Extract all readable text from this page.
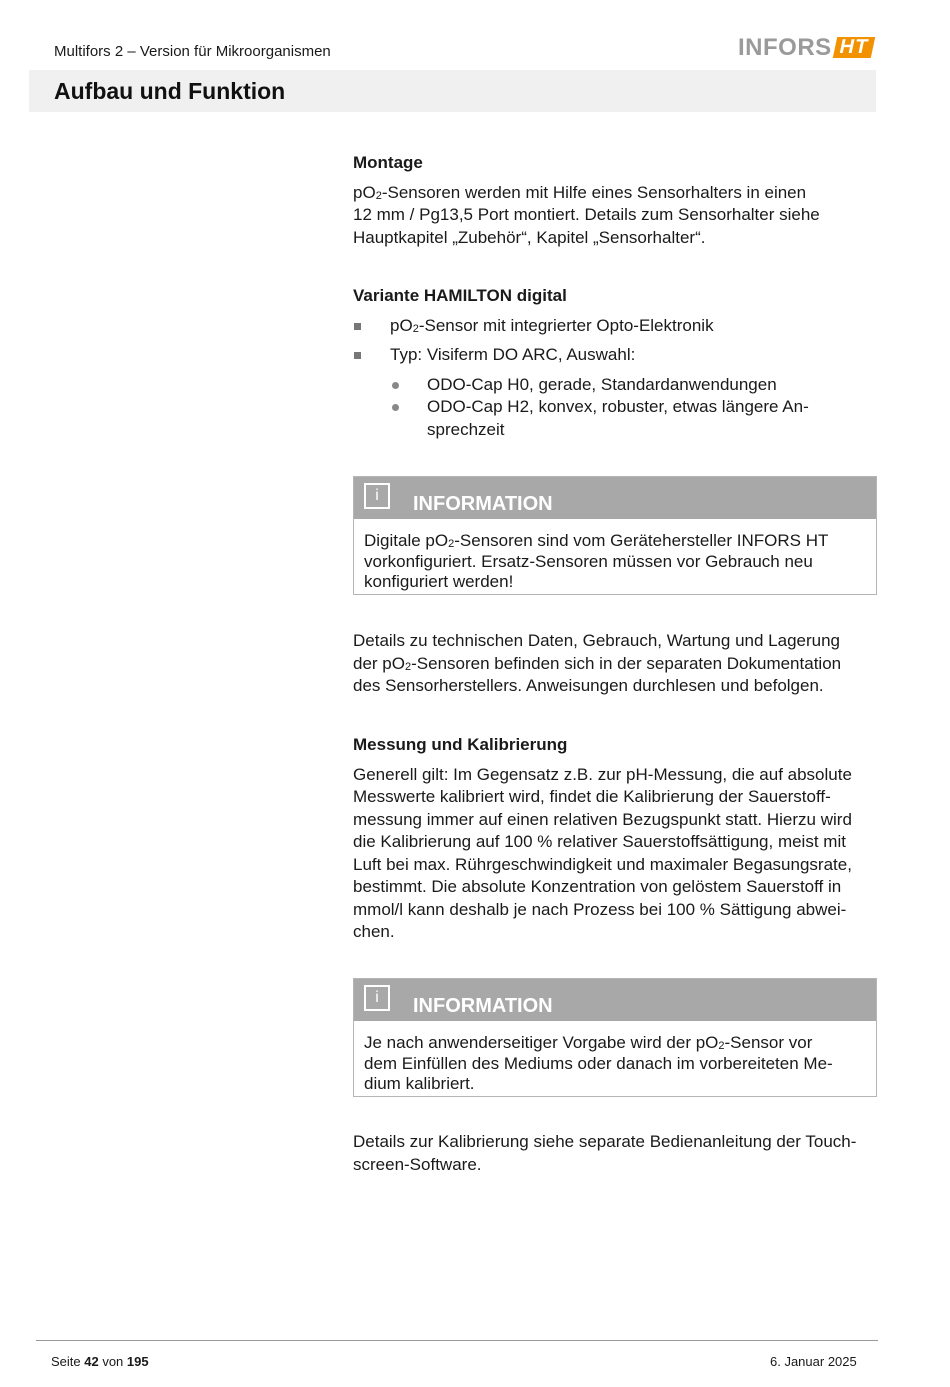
Multifors 2 – Version für Mikroorganismen	INFORS HT
Aufbau und Funktion
Montage

$pO_2$-Sensoren werden mit Hilfe eines Sensorhalters in einen
12 mm / Pg13,5 Port montiert. Details zum Sensorhalter siehe
Hauptkapitel „Zubehör“, Kapitel „Sensorhalter“.

Variante HAMILTON digital
$pO_2$-Sensor mit integrierter Opto-Elektronik
Typ: Visiferm DO ARC, Auswahl:
ODO-Cap H0, gerade, Standardanwendungen
ODO-Cap H2, konvex, robuster, etwas längere An-sprechzeit
i	INFORMATION
Digitale $pO_2$-Sensoren sind vom Gerätehersteller INFORS HT
vorkonfiguriert. Ersatz-Sensoren müssen vor Gebrauch neu
konfiguriert werden!
Details zu technischen Daten, Gebrauch, Wartung und Lagerung
der $pO_2$-Sensoren befinden sich in der separaten Dokumentation
des Sensorherstellers. Anweisungen durchlesen und befolgen.
Messung und Kalibrierung

Generell gilt: Im Gegensatz z.B. zur pH-Messung, die auf absolute
Messwerte kalibriert wird, findet die Kalibrierung der Sauerstoff-
messung immer auf einen relativen Bezugspunkt statt. Hierzu wird
die Kalibrierung auf 100 % relativer Sauerstoffsättigung, meist mit
Luft bei max. Rührgeschwindigkeit und maximaler Begasungsrate,
bestimmt. Die absolute Konzentration von gelöstem Sauerstoff in
mmol/l kann deshalb je nach Prozess bei 100 % Sättigung abwei-
chen.

i	INFORMATION
Je nach anwenderseitiger Vorgabe wird der $pO_2$-Sensor vor
dem Einfüllen des Mediums oder danach im vorbereiteten Me-
dium kalibriert.
Details zur Kalibrierung siehe separate Bedienanleitung der Touch-
screen-Software.
Seite 42 von 195	6. Januar 2025
